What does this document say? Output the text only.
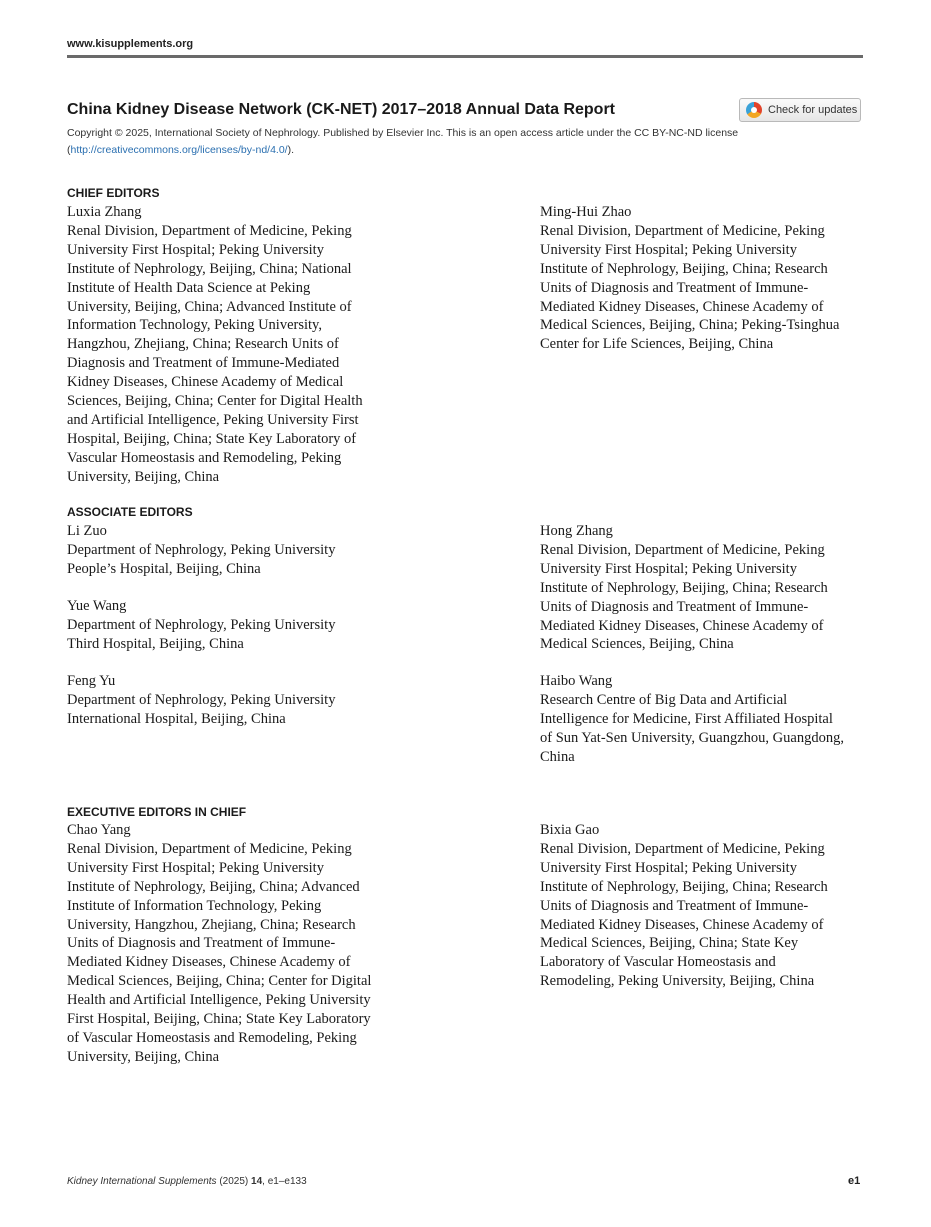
www.kisupplements.org
China Kidney Disease Network (CK-NET) 2017–2018 Annual Data Report	Check for updates
Copyright © 2025, International Society of Nephrology. Published by Elsevier Inc. This is an open access article under the CC BY-NC-ND license (http://creativecommons.org/licenses/by-nd/4.0/).
CHIEF EDITORS
Luxia Zhang
Renal Division, Department of Medicine, Peking
University First Hospital; Peking University
Institute of Nephrology, Beijing, China; National
Institute of Health Data Science at Peking
University, Beijing, China; Advanced Institute of
Information Technology, Peking University,
Hangzhou, Zhejiang, China; Research Units of
Diagnosis and Treatment of Immune-Mediated
Kidney Diseases, Chinese Academy of Medical
Sciences, Beijing, China; Center for Digital Health
and Artificial Intelligence, Peking University First
Hospital, Beijing, China; State Key Laboratory of
Vascular Homeostasis and Remodeling, Peking
University, Beijing, China
Ming-Hui Zhao
Renal Division, Department of Medicine, Peking
University First Hospital; Peking University
Institute of Nephrology, Beijing, China; Research
Units of Diagnosis and Treatment of Immune-
Mediated Kidney Diseases, Chinese Academy of
Medical Sciences, Beijing, China; Peking-Tsinghua
Center for Life Sciences, Beijing, China
ASSOCIATE EDITORS
Li Zuo
Department of Nephrology, Peking University
People’s Hospital, Beijing, China
Yue Wang
Department of Nephrology, Peking University
Third Hospital, Beijing, China
Feng Yu
Department of Nephrology, Peking University
International Hospital, Beijing, China
Hong Zhang
Renal Division, Department of Medicine, Peking
University First Hospital; Peking University
Institute of Nephrology, Beijing, China; Research
Units of Diagnosis and Treatment of Immune-
Mediated Kidney Diseases, Chinese Academy of
Medical Sciences, Beijing, China
Haibo Wang
Research Centre of Big Data and Artificial
Intelligence for Medicine, First Affiliated Hospital
of Sun Yat-Sen University, Guangzhou, Guangdong,
China
EXECUTIVE EDITORS IN CHIEF
Chao Yang
Renal Division, Department of Medicine, Peking
University First Hospital; Peking University
Institute of Nephrology, Beijing, China; Advanced
Institute of Information Technology, Peking
University, Hangzhou, Zhejiang, China; Research
Units of Diagnosis and Treatment of Immune-
Mediated Kidney Diseases, Chinese Academy of
Medical Sciences, Beijing, China; Center for Digital
Health and Artificial Intelligence, Peking University
First Hospital, Beijing, China; State Key Laboratory
of Vascular Homeostasis and Remodeling, Peking
University, Beijing, China
Bixia Gao
Renal Division, Department of Medicine, Peking
University First Hospital; Peking University
Institute of Nephrology, Beijing, China; Research
Units of Diagnosis and Treatment of Immune-
Mediated Kidney Diseases, Chinese Academy of
Medical Sciences, Beijing, China; State Key
Laboratory of Vascular Homeostasis and
Remodeling, Peking University, Beijing, China
Kidney International Supplements (2025) 14, e1–e133	e1
